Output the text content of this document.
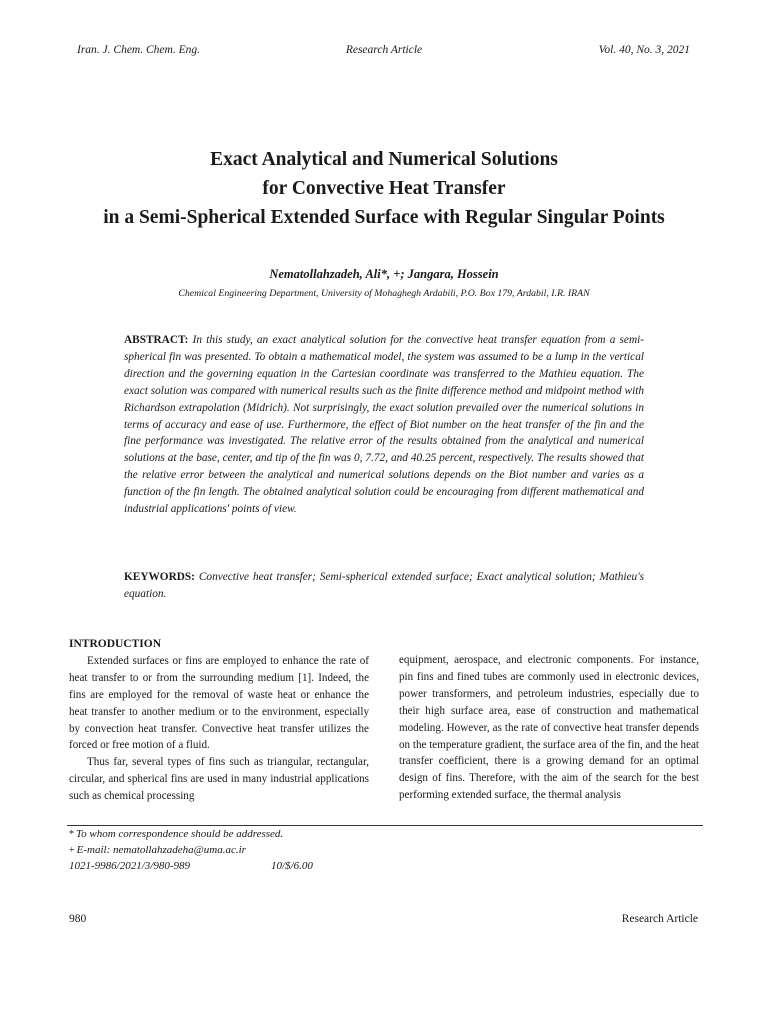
Iran. J. Chem. Chem. Eng.	Research Article	Vol. 40, No. 3, 2021
Exact Analytical and Numerical Solutions
for Convective Heat Transfer
in a Semi-Spherical Extended Surface with Regular Singular Points
Nematollahzadeh, Ali*, +; Jangara, Hossein
Chemical Engineering Department, University of Mohaghegh Ardabili, P.O. Box 179, Ardabil, I.R. IRAN
ABSTRACT: In this study, an exact analytical solution for the convective heat transfer equation from a semi-spherical fin was presented. To obtain a mathematical model, the system was assumed to be a lump in the vertical direction and the governing equation in the Cartesian coordinate was transferred to the Mathieu equation. The exact solution was compared with numerical results such as the finite difference method and midpoint method with Richardson extrapolation (Midrich). Not surprisingly, the exact solution prevailed over the numerical solutions in terms of accuracy and ease of use. Furthermore, the effect of Biot number on the heat transfer of the fin and the fine performance was investigated. The relative error of the results obtained from the analytical and numerical solutions at the base, center, and tip of the fin was 0, 7.72, and 40.25 percent, respectively. The results showed that the relative error between the analytical and numerical solutions depends on the Biot number and varies as a function of the fin length. The obtained analytical solution could be encouraging from different mathematical and industrial applications' points of view.
KEYWORDS: Convective heat transfer; Semi-spherical extended surface; Exact analytical solution; Mathieu's equation.
INTRODUCTION

Extended surfaces or fins are employed to enhance the rate of heat transfer to or from the surrounding medium [1]. Indeed, the fins are employed for the removal of waste heat or enhance the heat transfer to another medium or to the environment, especially by convection heat transfer. Convective heat transfer utilizes the forced or free motion of a fluid.

Thus far, several types of fins such as triangular, rectangular, circular, and spherical fins are used in many industrial applications such as chemical processing

equipment, aerospace, and electronic components. For instance, pin fins and fined tubes are commonly used in electronic devices, power transformers, and petroleum industries, especially due to their high surface area, ease of construction and mathematical modeling. However, as the rate of convective heat transfer depends on the temperature gradient, the surface area of the fin, and the heat transfer coefficient, there is a growing demand for an optimal design of fins. Therefore, with the aim of the search for the best performing extended surface, the thermal analysis

* To whom correspondence should be addressed.
+ E-mail: nematollahzadeha@uma.ac.ir
1021-9986/2021/3/980-989	10/$/6.00
980	Research Article
